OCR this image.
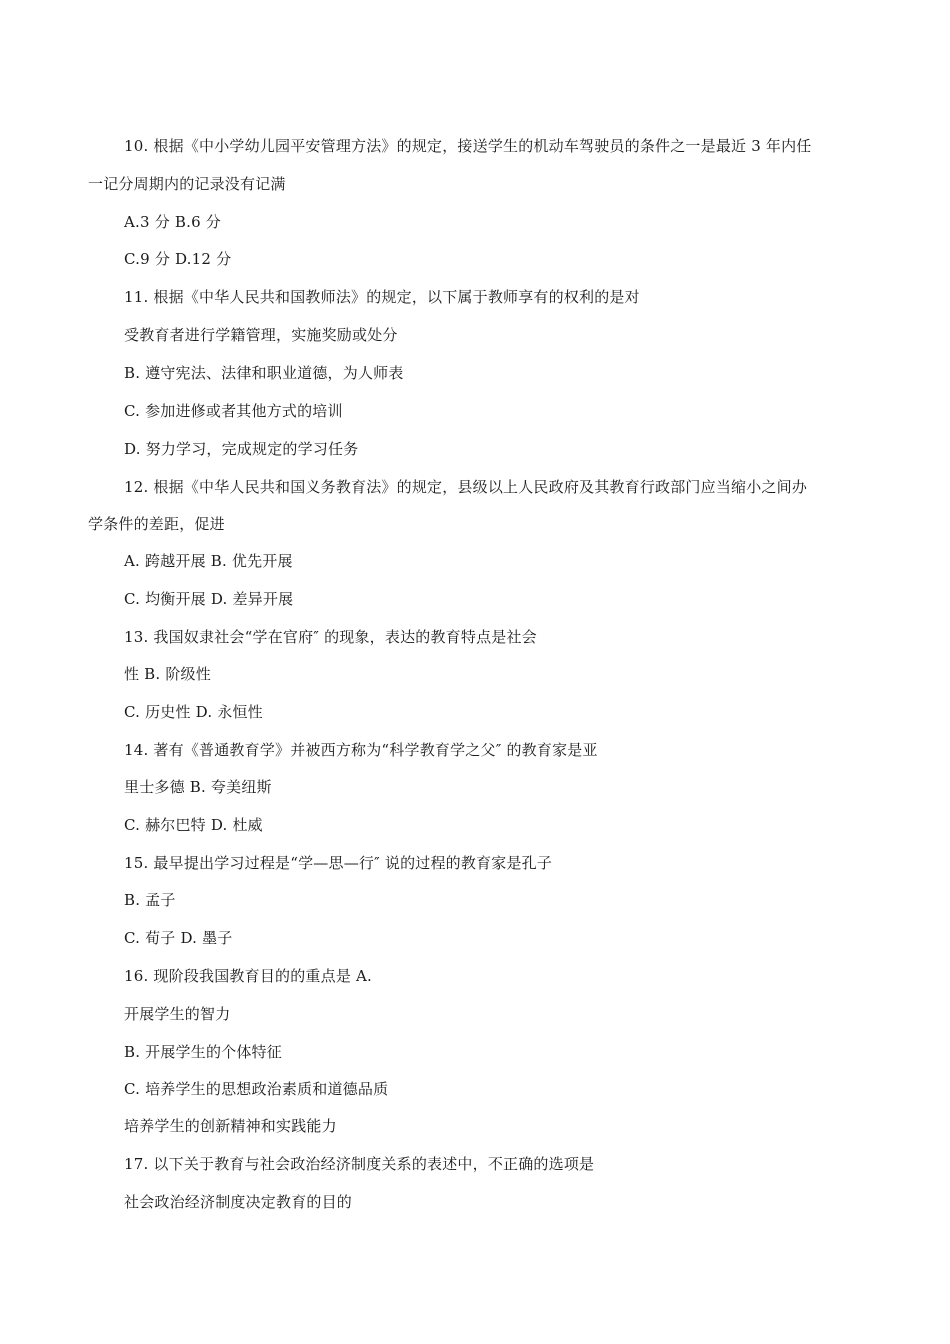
10. 根据《中小学幼儿园平安管理方法》的规定，接送学生的机动车驾驶员的条件之一是最近 3 年内任
一记分周期内的记录没有记满
A.3 分 B.6 分
C.9 分 D.12 分
11. 根据《中华人民共和国教师法》的规定，以下属于教师享有的权利的是对
受教育者进行学籍管理，实施奖励或处分
B. 遵守宪法、法律和职业道德，为人师表
C. 参加进修或者其他方式的培训
D. 努力学习，完成规定的学习任务
12. 根据《中华人民共和国义务教育法》的规定，县级以上人民政府及其教育行政部门应当缩小之间办
学条件的差距，促进
A. 跨越开展 B. 优先开展
C. 均衡开展 D. 差异开展
13. 我国奴隶社会“学在官府″ 的现象，表达的教育特点是社会
性 B. 阶级性
C. 历史性 D. 永恒性
14. 著有《普通教育学》并被西方称为“科学教育学之父″ 的教育家是亚
里士多德 B. 夸美纽斯
C. 赫尔巴特 D. 杜威
15. 最早提出学习过程是“学—思—行″ 说的过程的教育家是孔子
B. 孟子
C. 荀子 D. 墨子
16. 现阶段我国教育目的的重点是 A.
开展学生的智力
B. 开展学生的个体特征
C. 培养学生的思想政治素质和道德品质
培养学生的创新精神和实践能力
17. 以下关于教育与社会政治经济制度关系的表述中，不正确的选项是
社会政治经济制度决定教育的目的
